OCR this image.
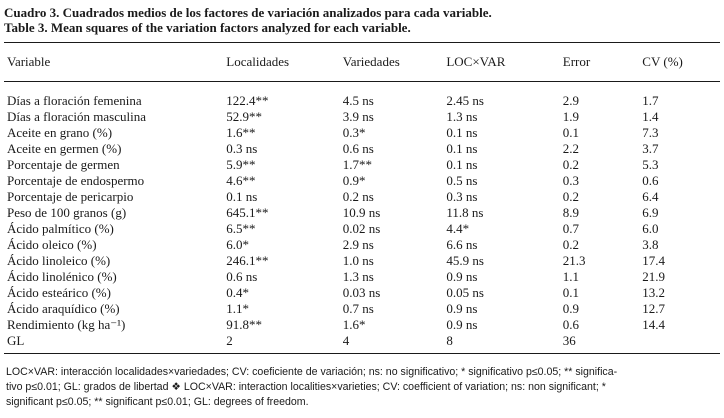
Cuadro 3. Cuadrados medios de los factores de variación analizados para cada variable.
Table 3. Mean squares of the variation factors analyzed for each variable.
Variable	Localidades	Variedades	LOC×VAR	Error	CV (%)
Días a floración femenina	122.4**	4.5 ns	2.45 ns	2.9	1.7
Días a floración masculina	52.9**	3.9 ns	1.3 ns	1.9	1.4
Aceite en grano (%)	1.6**	0.3*	0.1 ns	0.1	7.3
Aceite en germen (%)	0.3 ns	0.6 ns	0.1 ns	2.2	3.7
Porcentaje de germen	5.9**	1.7**	0.1 ns	0.2	5.3
Porcentaje de endospermo	4.6**	0.9*	0.5 ns	0.3	0.6
Porcentaje de pericarpio	0.1 ns	0.2 ns	0.3 ns	0.2	6.4
Peso de 100 granos (g)	645.1**	10.9 ns	11.8 ns	8.9	6.9
Ácido palmítico (%)	6.5**	0.02 ns	4.4*	0.7	6.0
Ácido oleico (%)	6.0*	2.9 ns	6.6 ns	0.2	3.8
Ácido linoleico (%)	246.1**	1.0 ns	45.9 ns	21.3	17.4
Ácido linolénico (%)	0.6 ns	1.3 ns	0.9 ns	1.1	21.9
Ácido esteárico (%)	0.4*	0.03 ns	0.05 ns	0.1	13.2
Ácido araquídico (%)	1.1*	0.7 ns	0.9 ns	0.9	12.7
Rendimiento (kg ha⁻¹)	91.8**	1.6*	0.9 ns	0.6	14.4
GL	2	4	8	36	
LOC×VAR: interacción localidades×variedades; CV: coeficiente de variación; ns: no significativo; * significativo p≤0.05; ** significa-
tivo p≤0.01; GL: grados de libertad ❖ LOC×VAR: interaction localities×varieties; CV: coefficient of variation; ns: non significant; *
significant p≤0.05; ** significant p≤0.01; GL: degrees of freedom.
